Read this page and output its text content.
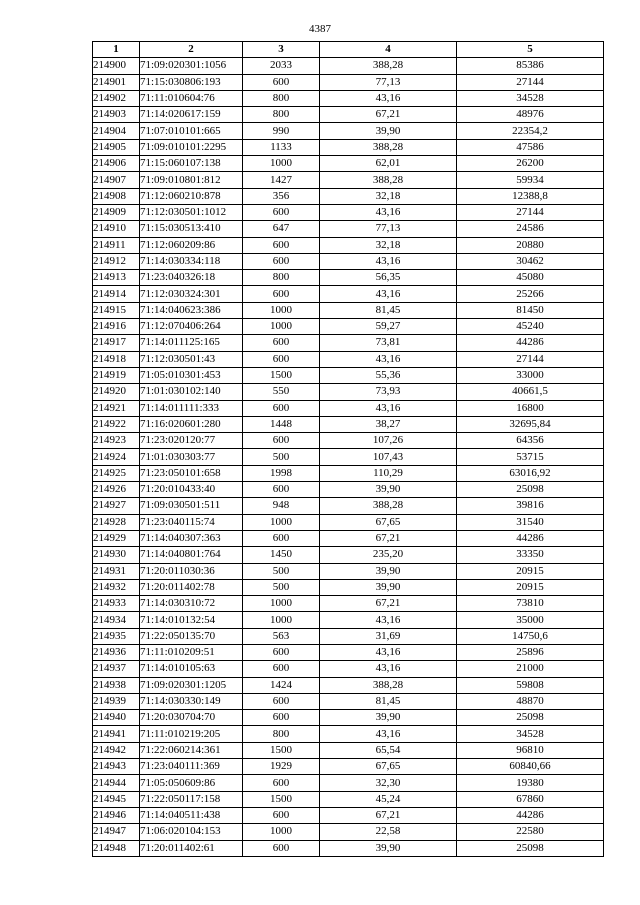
4387
1	2	3	4	5
214900	71:09:020301:1056	2033	388,28	85386
214901	71:15:030806:193	600	77,13	27144
214902	71:11:010604:76	800	43,16	34528
214903	71:14:020617:159	800	67,21	48976
214904	71:07:010101:665	990	39,90	22354,2
214905	71:09:010101:2295	1133	388,28	47586
214906	71:15:060107:138	1000	62,01	26200
214907	71:09:010801:812	1427	388,28	59934
214908	71:12:060210:878	356	32,18	12388,8
214909	71:12:030501:1012	600	43,16	27144
214910	71:15:030513:410	647	77,13	24586
214911	71:12:060209:86	600	32,18	20880
214912	71:14:030334:118	600	43,16	30462
214913	71:23:040326:18	800	56,35	45080
214914	71:12:030324:301	600	43,16	25266
214915	71:14:040623:386	1000	81,45	81450
214916	71:12:070406:264	1000	59,27	45240
214917	71:14:011125:165	600	73,81	44286
214918	71:12:030501:43	600	43,16	27144
214919	71:05:010301:453	1500	55,36	33000
214920	71:01:030102:140	550	73,93	40661,5
214921	71:14:011111:333	600	43,16	16800
214922	71:16:020601:280	1448	38,27	32695,84
214923	71:23:020120:77	600	107,26	64356
214924	71:01:030303:77	500	107,43	53715
214925	71:23:050101:658	1998	110,29	63016,92
214926	71:20:010433:40	600	39,90	25098
214927	71:09:030501:511	948	388,28	39816
214928	71:23:040115:74	1000	67,65	31540
214929	71:14:040307:363	600	67,21	44286
214930	71:14:040801:764	1450	235,20	33350
214931	71:20:011030:36	500	39,90	20915
214932	71:20:011402:78	500	39,90	20915
214933	71:14:030310:72	1000	67,21	73810
214934	71:14:010132:54	1000	43,16	35000
214935	71:22:050135:70	563	31,69	14750,6
214936	71:11:010209:51	600	43,16	25896
214937	71:14:010105:63	600	43,16	21000
214938	71:09:020301:1205	1424	388,28	59808
214939	71:14:030330:149	600	81,45	48870
214940	71:20:030704:70	600	39,90	25098
214941	71:11:010219:205	800	43,16	34528
214942	71:22:060214:361	1500	65,54	96810
214943	71:23:040111:369	1929	67,65	60840,66
214944	71:05:050609:86	600	32,30	19380
214945	71:22:050117:158	1500	45,24	67860
214946	71:14:040511:438	600	67,21	44286
214947	71:06:020104:153	1000	22,58	22580
214948	71:20:011402:61	600	39,90	25098
